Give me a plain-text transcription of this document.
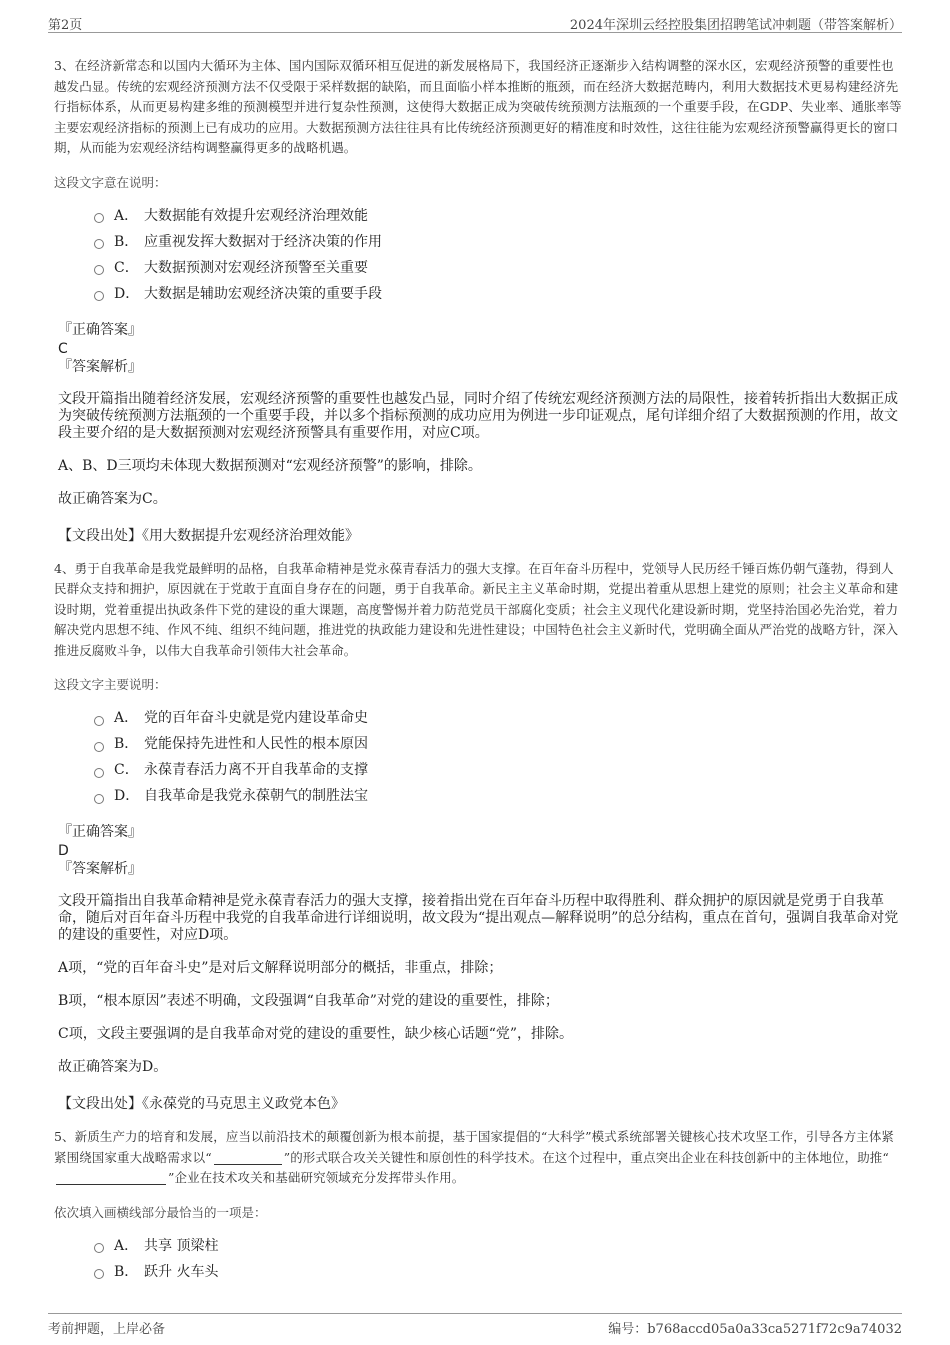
第2页	2024年深圳云经控股集团招聘笔试冲刺题（带答案解析）

3、在经济新常态和以国内大循环为主体、国内国际双循环相互促进的新发展格局下，我国经济正逐渐步入结构调整的深水区，宏观经济预警的重要性也越发凸显。传统的宏观经济预测方法不仅受限于采样数据的缺陷，而且面临小样本推断的瓶颈，而在经济大数据范畴内，利用大数据技术更易构建经济先行指标体系，从而更易构建多维的预测模型并进行复杂性预测，这使得大数据正成为突破传统预测方法瓶颈的一个重要手段，在GDP、失业率、通胀率等主要宏观经济指标的预测上已有成功的应用。大数据预测方法往往具有比传统经济预测更好的精准度和时效性，这往往能为宏观经济预警赢得更长的窗口期，从而能为宏观经济结构调整赢得更多的战略机遇。

这段文字意在说明：

A． 大数据能有效提升宏观经济治理效能
B． 应重视发挥大数据对于经济决策的作用
C． 大数据预测对宏观经济预警至关重要
D． 大数据是辅助宏观经济决策的重要手段

『正确答案』

C

『答案解析』

文段开篇指出随着经济发展，宏观经济预警的重要性也越发凸显，同时介绍了传统宏观经济预测方法的局限性，接着转折指出大数据正成为突破传统预测方法瓶颈的一个重要手段，并以多个指标预测的成功应用为例进一步印证观点，尾句详细介绍了大数据预测的作用，故文段主要介绍的是大数据预测对宏观经济预警具有重要作用，对应C项。

A、B、D三项均未体现大数据预测对“宏观经济预警”的影响，排除。

故正确答案为C。

【文段出处】《用大数据提升宏观经济治理效能》

4、勇于自我革命是我党最鲜明的品格，自我革命精神是党永葆青春活力的强大支撑。在百年奋斗历程中，党领导人民历经千锤百炼仍朝气蓬勃，得到人民群众支持和拥护，原因就在于党敢于直面自身存在的问题，勇于自我革命。新民主主义革命时期，党提出着重从思想上建党的原则；社会主义革命和建设时期，党着重提出执政条件下党的建设的重大课题，高度警惕并着力防范党员干部腐化变质；社会主义现代化建设新时期，党坚持治国必先治党，着力解决党内思想不纯、作风不纯、组织不纯问题，推进党的执政能力建设和先进性建设；中国特色社会主义新时代，党明确全面从严治党的战略方针，深入推进反腐败斗争，以伟大自我革命引领伟大社会革命。

这段文字主要说明：

A． 党的百年奋斗史就是党内建设革命史
B． 党能保持先进性和人民性的根本原因
C． 永葆青春活力离不开自我革命的支撑
D． 自我革命是我党永葆朝气的制胜法宝

『正确答案』

D

『答案解析』

文段开篇指出自我革命精神是党永葆青春活力的强大支撑，接着指出党在百年奋斗历程中取得胜利、群众拥护的原因就是党勇于自我革命，随后对百年奋斗历程中我党的自我革命进行详细说明，故文段为“提出观点—解释说明”的总分结构，重点在首句，强调自我革命对党的建设的重要性，对应D项。

A项，“党的百年奋斗史”是对后文解释说明部分的概括，非重点，排除；

B项，“根本原因”表述不明确，文段强调“自我革命”对党的建设的重要性，排除；

C项，文段主要强调的是自我革命对党的建设的重要性，缺少核心话题“党”，排除。

故正确答案为D。

【文段出处】《永葆党的马克思主义政党本色》

5、新质生产力的培育和发展，应当以前沿技术的颠覆创新为根本前提，基于国家提倡的“大科学”模式系统部署关键核心技术攻坚工作，引导各方主体紧紧围绕国家重大战略需求以“	”的形式联合攻关关键性和原创性的科学技术。在这个过程中，重点突出企业在科技创新中的主体地位，助推“”企业在技术攻关和基础研究领域充分发挥带头作用。

依次填入画横线部分最恰当的一项是：

A． 共享 顶梁柱
B． 跃升 火车头
考前押题，上岸必备	编号：b768accd05a0a33ca5271f72c9a74032
